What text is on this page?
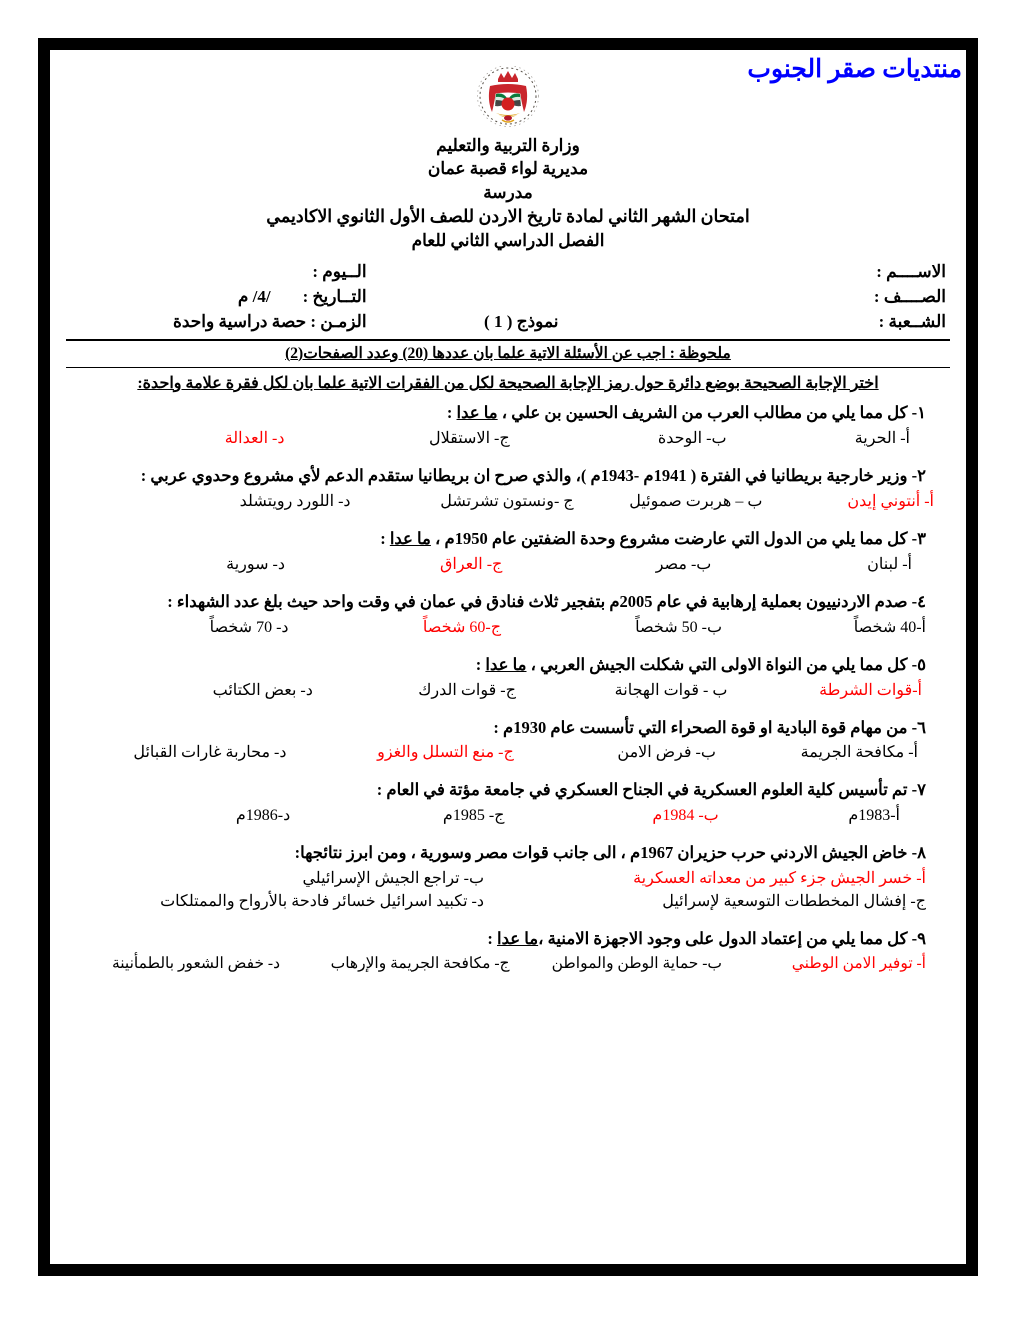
منتديات صقر الجنوب
وزارة التربية والتعليم
مديرية لواء قصبة عمان
مدرسة
امتحان الشهر الثاني لمادة تاريخ الاردن للصف الأول الثانوي الاكاديمي
الفصل الدراسي الثاني للعام
الاســــم :
الــيوم :
الصــــف :
التــاريخ :
/4/ م
الشــعبة :
نموذج ( 1 )
الزمـن : حصة دراسية واحدة
ملحوظة : اجب عن الأسئلة الاتية علما بان عددها (20) وعدد الصفحات(2)
اختر الإجابة الصحيحة بوضع دائرة حول رمز الإجابة الصحيحة لكل من الفقرات الاتية علما بان لكل فقرة علامة واحدة:
١- كل مما يلي من مطالب العرب من الشريف الحسين بن علي ، ما عدا :
أ- الحرية
ب- الوحدة
ج- الاستقلال
د- العدالة
٢- وزير خارجية بريطانيا في الفترة ( 1941م -1943م )، والذي صرح ان بريطانيا ستقدم الدعم لأي مشروع وحدوي عربي :
أ- أنتوني إيدن
ب – هربرت صموئيل
ج -ونستون تشرتشل
د- اللورد رويتشلد
٣- كل مما يلي من الدول التي عارضت مشروع وحدة الضفتين عام 1950م ، ما عدا :
أ- لبنان
ب- مصر
ج- العراق
د- سورية
٤- صدم الاردنييون بعملية إرهابية في عام 2005م بتفجير ثلاث فنادق في عمان في وقت واحد حيث بلغ عدد الشهداء :
أ-40 شخصاً
ب- 50 شخصاً
ج-60 شخصاً
د- 70 شخصاً
٥- كل مما يلي من النواة الاولى التي شكلت الجيش العربي ، ما عدا :
أ-قوات الشرطة
ب - قوات الهجانة
ج- قوات الدرك
د- بعض الكتائب
٦- من مهام قوة البادية او قوة الصحراء التي تأسست عام 1930م :
أ- مكافحة الجريمة
ب- فرض الامن
ج- منع التسلل والغزو
د- محاربة غارات القبائل
٧- تم تأسيس كلية العلوم العسكرية في الجناح العسكري في جامعة مؤتة في العام :
أ-1983م
ب- 1984م
ج- 1985م
د-1986م
٨- خاض الجيش الاردني حرب حزيران 1967م ، الى جانب قوات مصر وسورية ، ومن ابرز نتائجها:
أ- خسر الجيش جزء كبير من معداته العسكرية
ب- تراجع الجيش الإسرائيلي
ج- إفشال المخططات التوسعية لإسرائيل
د- تكبيد اسرائيل خسائر فادحة بالأرواح والممتلكات
٩- كل مما يلي من إعتماد الدول على وجود الاجهزة الامنية ،ما عدا :
أ- توفير الامن الوطني
ب- حماية الوطن والمواطن
ج- مكافحة الجريمة والإرهاب
د- خفض الشعور بالطمأنينة
